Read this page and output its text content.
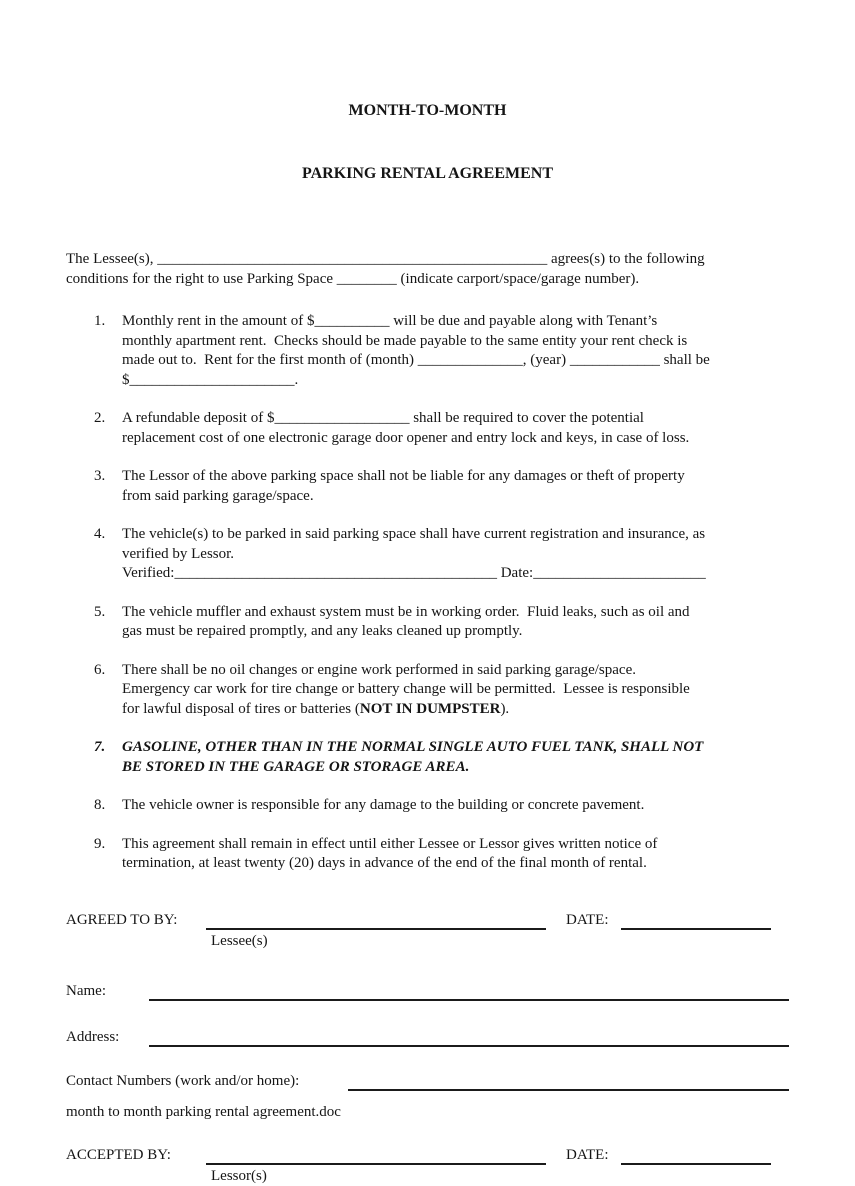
MONTH-TO-MONTH

PARKING RENTAL AGREEMENT

The Lessee(s), ____________________________________________________ agrees(s) to the following
conditions for the right to use Parking Space ________ (indicate carport/space/garage number).
1.	Monthly rent in the amount of $__________ will be due and payable along with Tenant’s
monthly apartment rent.  Checks should be made payable to the same entity your rent check is
made out to.  Rent for the first month of (month) ______________, (year) ____________ shall be
$______________________.
2.	A refundable deposit of $__________________ shall be required to cover the potential
replacement cost of one electronic garage door opener and entry lock and keys, in case of loss.
3.	The Lessor of the above parking space shall not be liable for any damages or theft of property
from said parking garage/space.
4.	The vehicle(s) to be parked in said parking space shall have current registration and insurance, as
verified by Lessor.
Verified:___________________________________________ Date:_______________________
5.	The vehicle muffler and exhaust system must be in working order.  Fluid leaks, such as oil and
gas must be repaired promptly, and any leaks cleaned up promptly.
6.	There shall be no oil changes or engine work performed in said parking garage/space.
Emergency car work for tire change or battery change will be permitted.  Lessee is responsible
for lawful disposal of tires or batteries (NOT IN DUMPSTER).
7.	GASOLINE, OTHER THAN IN THE NORMAL SINGLE AUTO FUEL TANK, SHALL NOT
BE STORED IN THE GARAGE OR STORAGE AREA.
8.	The vehicle owner is responsible for any damage to the building or concrete pavement.
9.	This agreement shall remain in effect until either Lessee or Lessor gives written notice of
termination, at least twenty (20) days in advance of the end of the final month of rental.
AGREED TO BY:	DATE:
Lessee(s)
Name:
Address:
Contact Numbers (work and/or home):
ACCEPTED BY:	DATE:
Lessor(s)
month to month parking rental agreement.doc
